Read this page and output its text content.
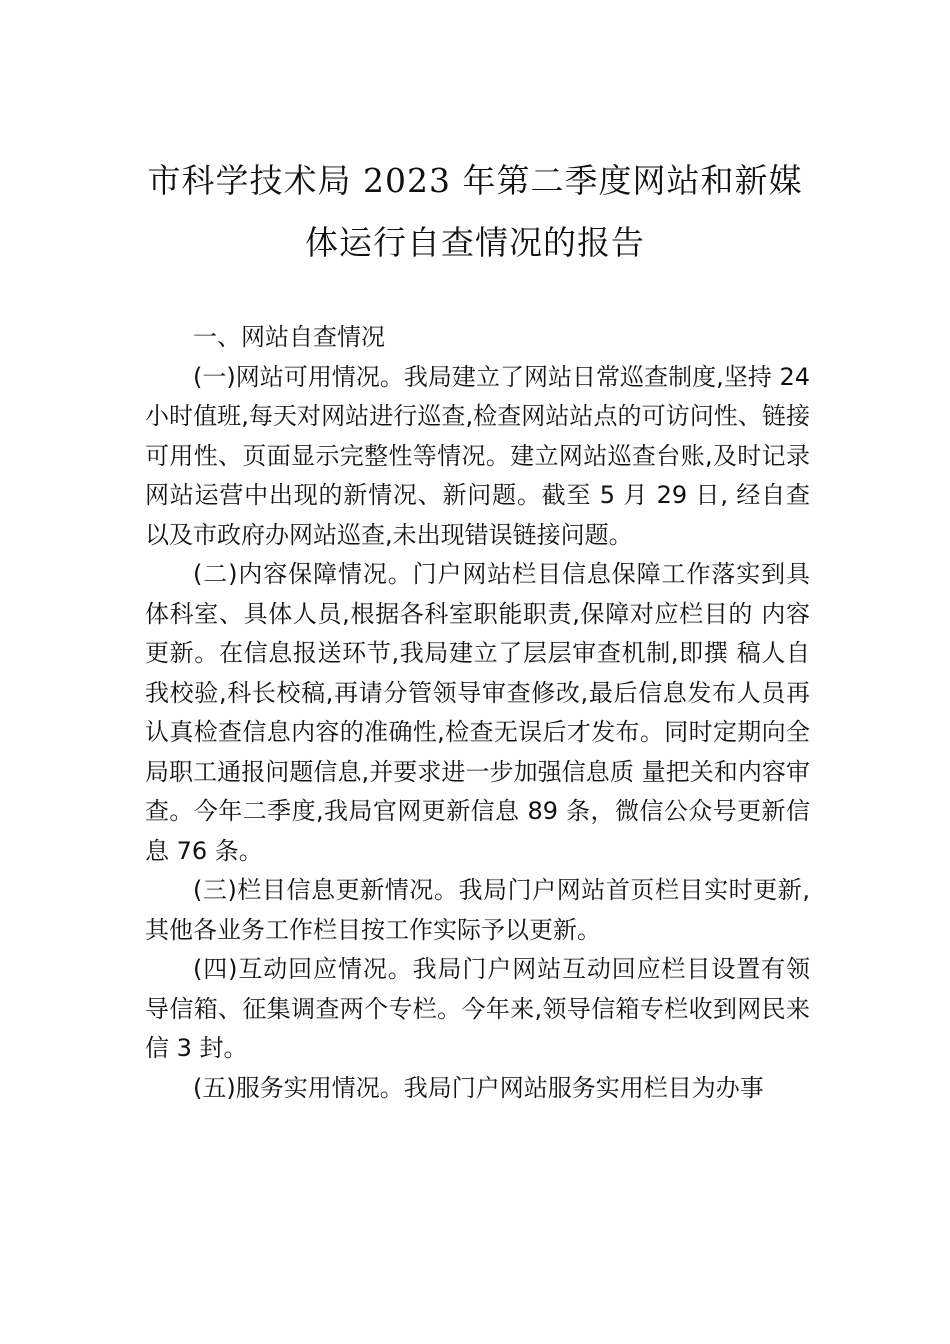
市科学技术局 2023 年第二季度网站和新媒
体运行自查情况的报告

一、网站自查情况

(一)网站可用情况。我局建立了网站日常巡查制度,坚持 24 小时值班,每天对网站进行巡查,检查网站站点的可访问性、链接可用性、页面显示完整性等情况。建立网站巡查台账,及时记录网站运营中出现的新情况、新问题。截至 5 月 29 日, 经自查以及市政府办网站巡查,未出现错误链接问题。

(二)内容保障情况。门户网站栏目信息保障工作落实到具体科室、具体人员,根据各科室职能职责,保障对应栏目的 内容更新。在信息报送环节,我局建立了层层审查机制,即撰 稿人自我校验,科长校稿,再请分管领导审查修改,最后信息发布人员再认真检查信息内容的准确性,检查无误后才发布。同时定期向全局职工通报问题信息,并要求进一步加强信息质 量把关和内容审查。今年二季度,我局官网更新信息 89 条，微信公众号更新信息 76 条。

(三)栏目信息更新情况。我局门户网站首页栏目实时更新,其他各业务工作栏目按工作实际予以更新。

(四)互动回应情况。我局门户网站互动回应栏目设置有领导信箱、征集调查两个专栏。今年来,领导信箱专栏收到网民来信 3 封。

(五)服务实用情况。我局门户网站服务实用栏目为办事
